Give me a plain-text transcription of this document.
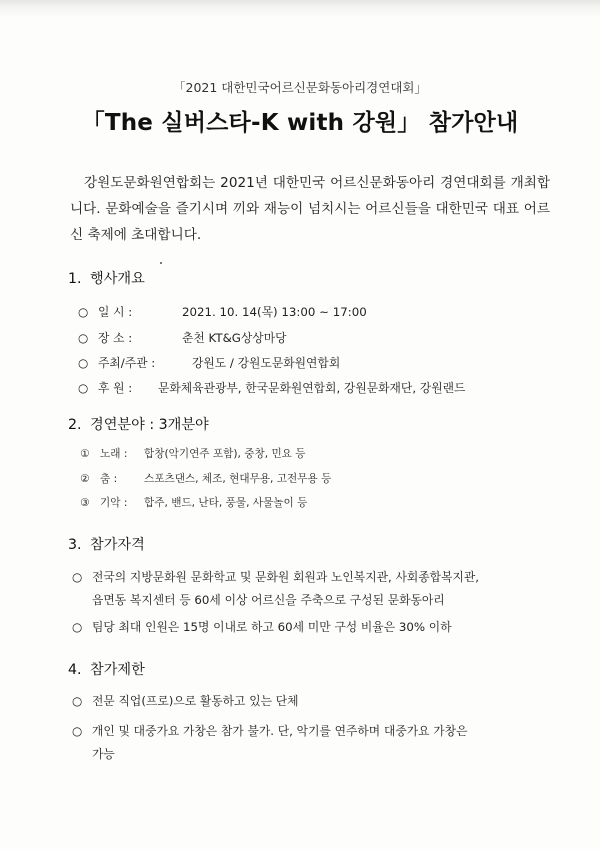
「2021 대한민국어르신문화동아리경연대회」
「The 실버스타-K with 강원」 참가안내
강원도문화원연합회는 2021년 대한민국 어르신문화동아리 경연대회를 개최합니다. 문화예술을 즐기시며 끼와 재능이 넘치시는 어르신들을 대한민국 대표 어르신 축제에 초대합니다.
1. 행사개요
○ 일 시 :	2021. 10. 14(목) 13:00 ~ 17:00
○ 장 소 :	춘천 KT&G상상마당
○ 주최/주관 :	강원도 / 강원도문화원연합회
○ 후 원 : 문화체육관광부, 한국문화원연합회, 강원문화재단, 강원랜드
2. 경연분야 : 3개분야
① 노래 : 합창(악기연주 포함), 중창, 민요 등
② 춤 :	스포츠댄스, 체조, 현대무용, 고전무용 등
③ 기악 : 합주, 밴드, 난타, 풍물, 사물놀이 등
3. 참가자격
○ 전국의 지방문화원 문화학교 및 문화원 회원과 노인복지관, 사회종합복지관,
읍면동 복지센터 등 60세 이상 어르신을 주축으로 구성된 문화동아리
○ 팀당 최대 인원은 15명 이내로 하고 60세 미만 구성 비율은 30% 이하
4. 참가제한
○ 전문 직업(프로)으로 활동하고 있는 단체
○ 개인 및 대중가요 가창은 참가 불가. 단, 악기를 연주하며 대중가요 가창은
가능
